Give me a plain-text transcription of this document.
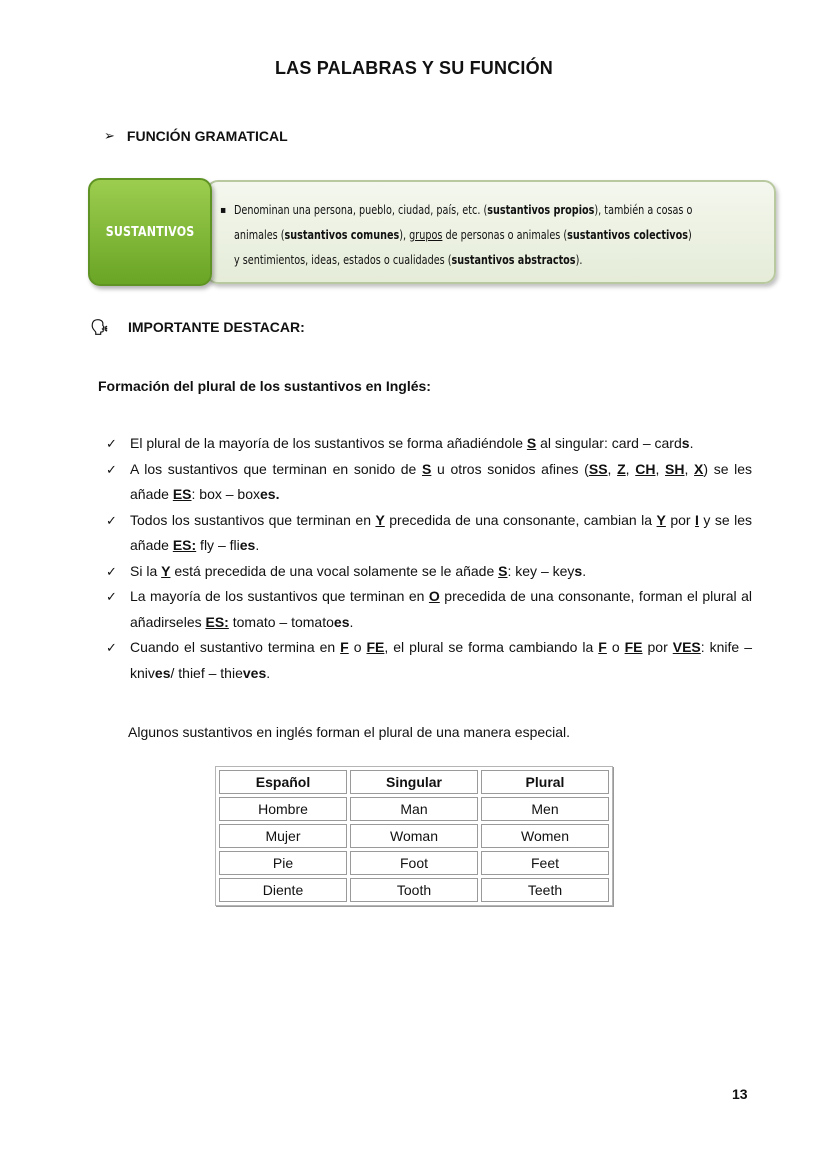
LAS PALABRAS Y SU FUNCIÓN
➢ FUNCIÓN GRAMATICAL
▪ Denominan una persona, pueblo, ciudad, país, etc. (sustantivos propios), también a cosas o
animales (sustantivos comunes), grupos de personas o animales (sustantivos colectivos)
y sentimientos, ideas, estados o cualidades (sustantivos abstractos).
SUSTANTIVOS
🗣 IMPORTANTE DESTACAR:
Formación del plural de los sustantivos en Inglés:
✓ El plural de la mayoría de los sustantivos se forma añadiéndole S al singular: card – cards.
✓ A los sustantivos que terminan en sonido de S u otros sonidos afines (SS, Z, CH, SH, X) se les añade ES: box – boxes.
✓ Todos los sustantivos que terminan en Y precedida de una consonante, cambian la Y por I y se les añade ES: fly – flies.
✓ Si la Y está precedida de una vocal solamente se le añade S: key – keys.
✓ La mayoría de los sustantivos que terminan en O precedida de una consonante, forman el plural al añadirseles ES: tomato – tomatoes.
✓ Cuando el sustantivo termina en F o FE, el plural se forma cambiando la F o FE por VES: knife – knives/ thief – thieves.
Algunos sustantivos en inglés forman el plural de una manera especial.
Español	Singular	Plural
Hombre	Man	Men
Mujer	Woman	Women
Pie	Foot	Feet
Diente	Tooth	Teeth
13
